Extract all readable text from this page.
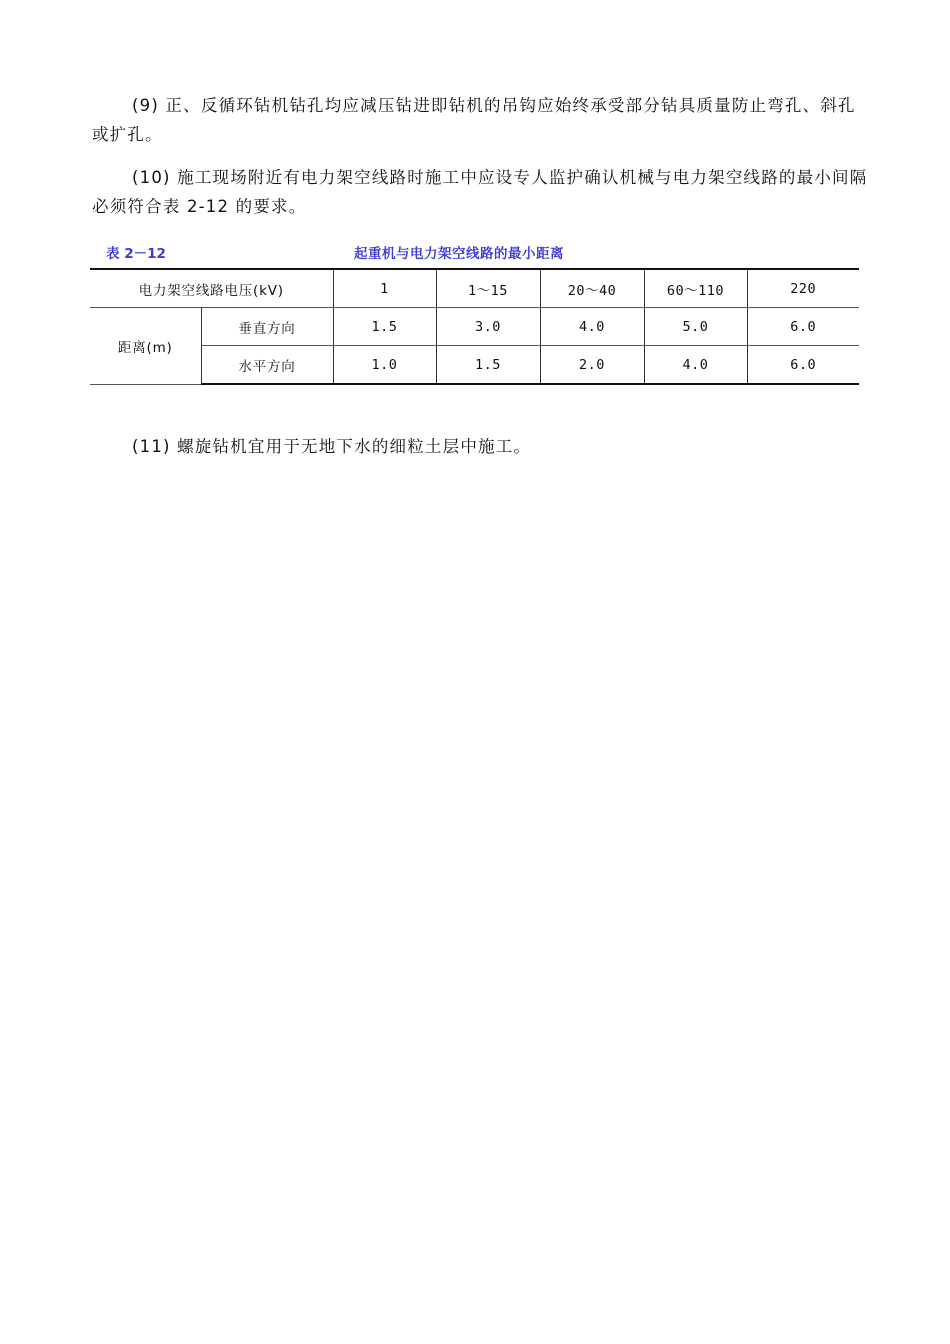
(9) 正、反循环钻机钻孔均应减压钻进即钻机的吊钩应始终承受部分钻具质量防止弯孔、斜孔或扩孔。

(10) 施工现场附近有电力架空线路时施工中应设专人监护确认机械与电力架空线路的最小间隔 必须符合表 2-12 的要求。

表 2－12	起重机与电力架空线路的最小距离
电力架空线路电压(kV)		1	1～15	20～40	60～110	220
距离(m)	垂直方向	1.5	3.0	4.0	5.0	6.0
	水平方向	1.0	1.5	2.0	4.0	6.0

(11) 螺旋钻机宜用于无地下水的细粒土层中施工。
